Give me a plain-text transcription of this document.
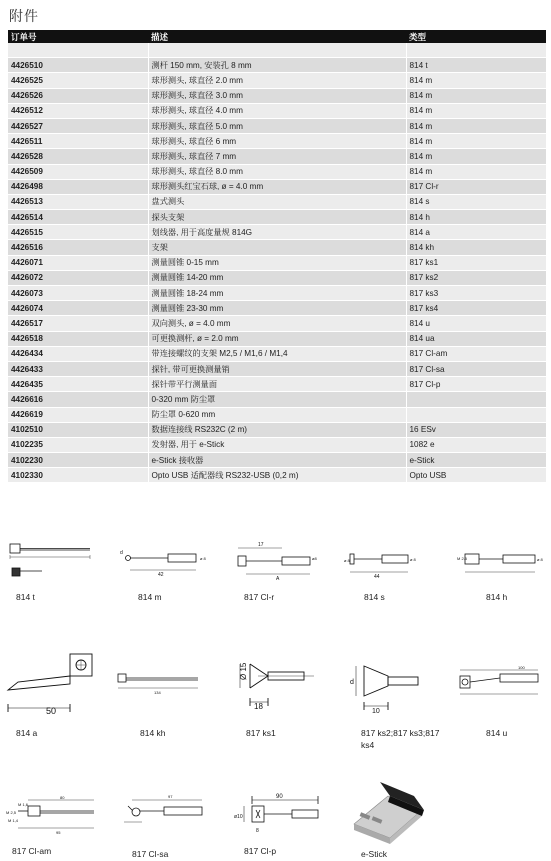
附件
订单号	描述	类型

4426510	测杆 150 mm, 安装孔 8 mm	814 t
4426525	球形测头, 球直径 2.0 mm	814 m
4426526	球形测头, 球直径 3.0 mm	814 m
4426512	球形测头, 球直径 4.0 mm	814 m
4426527	球形测头, 球直径 5.0 mm	814 m
4426511	球形测头, 球直径 6 mm	814 m
4426528	球形测头, 球直径 7 mm	814 m
4426509	球形测头, 球直径 8.0 mm	814 m
4426498	球形测头红宝石球, ø = 4.0 mm	817 Cl-r
4426513	盘式测头	814 s
4426514	探头支架	814 h
4426515	划线器, 用于高度量规 814G	814 a
4426516	支架	814 kh
4426071	测量圆锥 0-15 mm	817 ks1
4426072	测量圆锥 14-20 mm	817 ks2
4426073	测量圆锥 18-24 mm	817 ks3
4426074	测量圆锥 23-30 mm	817 ks4
4426517	双向测头, ø = 4.0 mm	814 u
4426518	可更换测杆, ø = 2.0 mm	814 ua
4426434	带连接螺纹的支架 M2,5 / M1,6 / M1,4	817 Cl-am
4426433	探针, 带可更换测量销	817 Cl-sa
4426435	探针带平行测量面	817 Cl-p
4426616	0-320 mm 防尘罩	
4426619	防尘罩 0-620 mm	
4102510	数据连接线 RS232C (2 m)	16 ESv
4102235	发射器, 用于 e-Stick	1082 e
4102230	e-Stick 接收器	e-Stick
4102330	Opto USB 适配器线 RS232-USB (0,2 m)	Opto USB
814 t
d
42
ø 8
814 m
17
A
ø8
817 Cl-r
ø 8
44
ø 8
814 s
M 2.5	ø 8
814 h
50
814 a
134
814 kh
Ø 15
18
817 ks1
d
10
817 ks2;817 ks3;817 ks4
100
814 u
80
M 1,6
M 2,5
M 1,4
95
817 Cl-am
97
817 Cl-sa
90
ø10
8
817 Cl-p	e-Stick
